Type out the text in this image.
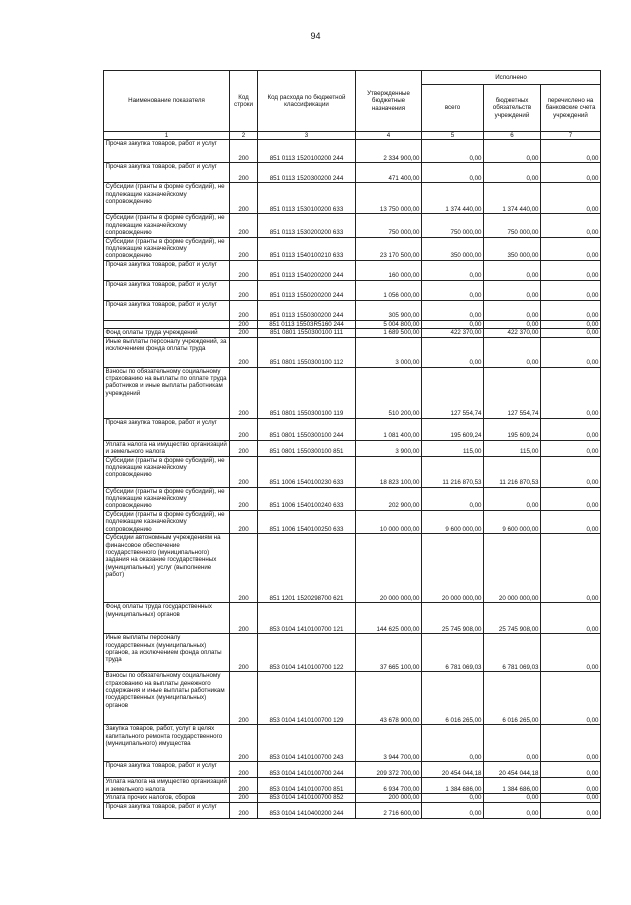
94
Наименование показателя	Код строки	Код расхода по бюджетной классификации	Утвержденные бюджетные назначения	Исполнено		
				всего	бюджетных обязательств учреждений	перечислено на банковские счета учреждений
1	2	3	4	5	6	7
Прочая закупка товаров, работ и услуг	200	851 0113 1520100200 244	2 334 900,00	0,00	0,00	0,00
Прочая закупка товаров, работ и услуг	200	851 0113 1520300200 244	471 400,00	0,00	0,00	0,00
Субсидии (гранты в форме субсидий), не подлежащие казначейскому сопровождению	200	851 0113 1530100200 633	13 750 000,00	1 374 440,00	1 374 440,00	0,00
Субсидии (гранты в форме субсидий), не подлежащие казначейскому сопровождению	200	851 0113 1530200200 633	750 000,00	750 000,00	750 000,00	0,00
Субсидии (гранты в форме субсидий), не подлежащие казначейскому сопровождению	200	851 0113 1540100210 633	23 170 500,00	350 000,00	350 000,00	0,00
Прочая закупка товаров, работ и услуг	200	851 0113 1540200200 244	160 000,00	0,00	0,00	0,00
Прочая закупка товаров, работ и услуг	200	851 0113 1550200200 244	1 056 000,00	0,00	0,00	0,00
Прочая закупка товаров, работ и услуг	200	851 0113 1550300200 244	305 900,00	0,00	0,00	0,00
	200	851 0113 15503R5160 244	5 004 800,00	0,00	0,00	0,00
Фонд оплаты труда учреждений	200	851 0801 1550300100 111	1 689 500,00	422 370,00	422 370,00	0,00
Иные выплаты персоналу учреждений, за исключением фонда оплаты труда	200	851 0801 1550300100 112	3 000,00	0,00	0,00	0,00
Взносы по обязательному социальному страхованию на выплаты по оплате труда работников и иные выплаты работникам учреждений	200	851 0801 1550300100 119	510 200,00	127 554,74	127 554,74	0,00
Прочая закупка товаров, работ и услуг	200	851 0801 1550300100 244	1 081 400,00	195 609,24	195 609,24	0,00
Уплата налога на имущество организаций и земельного налога	200	851 0801 1550300100 851	3 900,00	115,00	115,00	0,00
Субсидии (гранты в форме субсидий), не подлежащие казначейскому сопровождению	200	851 1006 1540100230 633	18 823 100,00	11 216 870,53	11 216 870,53	0,00
Субсидии (гранты в форме субсидий), не подлежащие казначейскому сопровождению	200	851 1006 1540100240 633	202 900,00	0,00	0,00	0,00
Субсидии (гранты в форме субсидий), не подлежащие казначейскому сопровождению	200	851 1006 1540100250 633	10 000 000,00	9 600 000,00	9 600 000,00	0,00
Субсидии автономным учреждениям на финансовое обеспечение государственного (муниципального) задания на оказание государственных (муниципальных) услуг (выполнение работ)	200	851 1201 1520298700 621	20 000 000,00	20 000 000,00	20 000 000,00	0,00
Фонд оплаты труда государственных (муниципальных) органов	200	853 0104 1410100700 121	144 625 000,00	25 745 908,00	25 745 908,00	0,00
Иные выплаты персоналу государственных (муниципальных) органов, за исключением фонда оплаты труда	200	853 0104 1410100700 122	37 665 100,00	6 781 069,03	6 781 069,03	0,00
Взносы по обязательному социальному страхованию на выплаты денежного содержания и иные выплаты работникам государственных (муниципальных) органов	200	853 0104 1410100700 129	43 678 900,00	6 016 265,00	6 016 265,00	0,00
Закупка товаров, работ, услуг в целях капитального ремонта государственного (муниципального) имущества	200	853 0104 1410100700 243	3 944 700,00	0,00	0,00	0,00
Прочая закупка товаров, работ и услуг	200	853 0104 1410100700 244	209 372 700,00	20 454 044,18	20 454 044,18	0,00
Уплата налога на имущество организаций и земельного налога	200	853 0104 1410100700 851	6 934 700,00	1 384 686,00	1 384 686,00	0,00
Уплата прочих налогов, сборов	200	853 0104 1410100700 852	200 000,00	0,00	0,00	0,00
Прочая закупка товаров, работ и услуг	200	853 0104 1410400200 244	2 716 600,00	0,00	0,00	0,00
